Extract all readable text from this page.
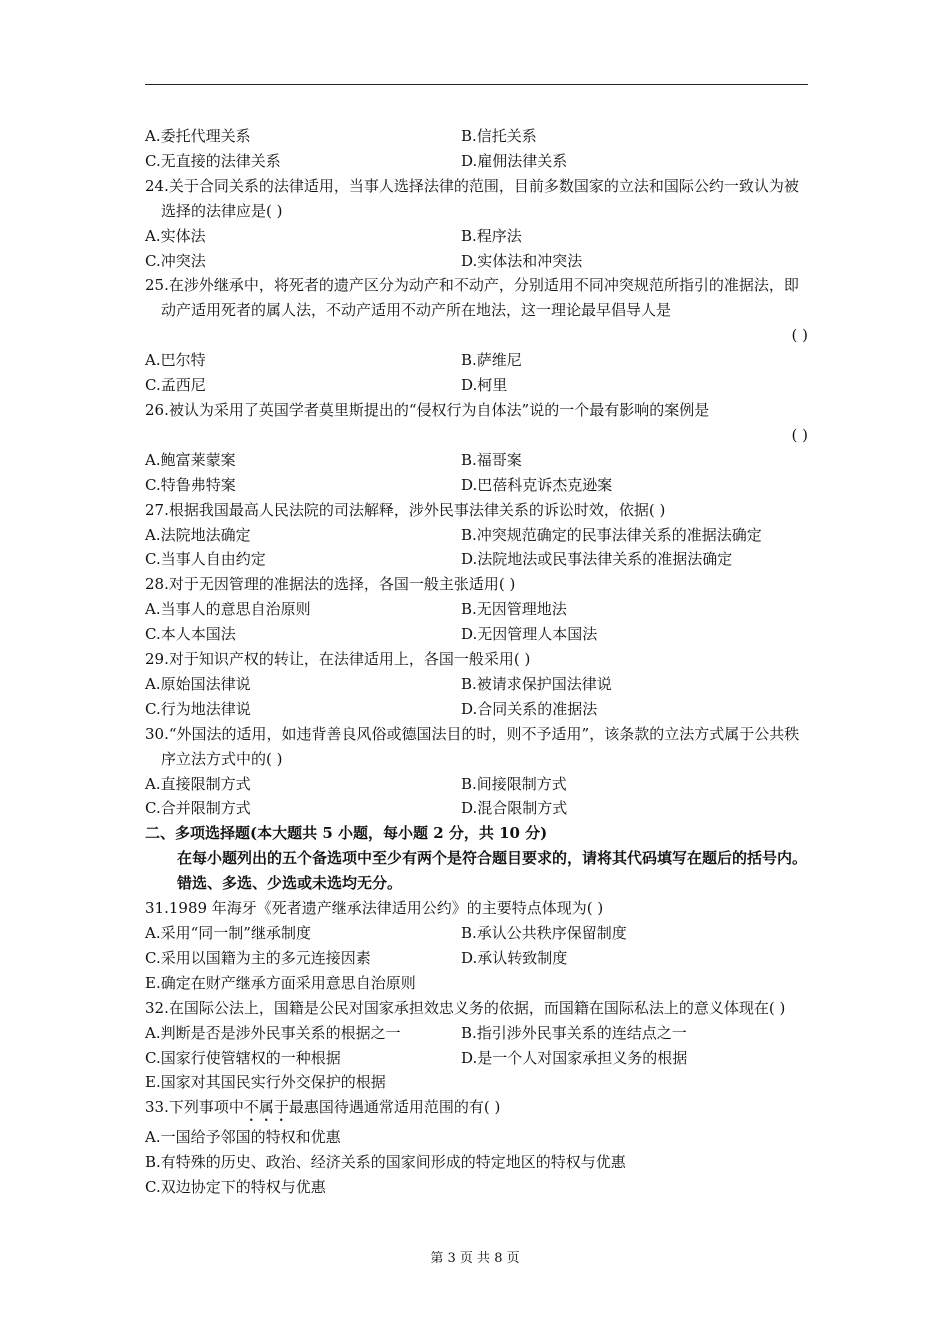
A.委托代理关系	B.信托关系
C.无直接的法律关系	D.雇佣法律关系
24.关于合同关系的法律适用，当事人选择法律的范围，目前多数国家的立法和国际公约一致认为被选择的法律应是( )
A.实体法	B.程序法
C.冲突法	D.实体法和冲突法
25.在涉外继承中，将死者的遗产区分为动产和不动产，分别适用不同冲突规范所指引的准据法，即动产适用死者的属人法，不动产适用不动产所在地法，这一理论最早倡导人是
( )
A.巴尔特	B.萨维尼
C.孟西尼	D.柯里
26.被认为采用了英国学者莫里斯提出的“侵权行为自体法”说的一个最有影响的案例是
( )
A.鲍富莱蒙案	B.福哥案
C.特鲁弗特案	D.巴蓓科克诉杰克逊案
27.根据我国最高人民法院的司法解释，涉外民事法律关系的诉讼时效，依据( )
A.法院地法确定	B.冲突规范确定的民事法律关系的准据法确定
C.当事人自由约定	D.法院地法或民事法律关系的准据法确定
28.对于无因管理的准据法的选择，各国一般主张适用( )
A.当事人的意思自治原则	B.无因管理地法
C.本人本国法	D.无因管理人本国法
29.对于知识产权的转让，在法律适用上，各国一般采用( )
A.原始国法律说	B.被请求保护国法律说
C.行为地法律说	D.合同关系的准据法
30.“外国法的适用，如违背善良风俗或德国法目的时，则不予适用”，该条款的立法方式属于公共秩序立法方式中的( )
A.直接限制方式	B.间接限制方式
C.合并限制方式	D.混合限制方式
二、多项选择题(本大题共 5 小题，每小题 2 分，共 10 分)
在每小题列出的五个备选项中至少有两个是符合题目要求的，请将其代码填写在题后的括号内。错选、多选、少选或未选均无分。
31.1989 年海牙《死者遗产继承法律适用公约》的主要特点体现为( )
A.采用“同一制”继承制度	B.承认公共秩序保留制度
C.采用以国籍为主的多元连接因素	D.承认转致制度
E.确定在财产继承方面采用意思自治原则
32.在国际公法上，国籍是公民对国家承担效忠义务的依据，而国籍在国际私法上的意义体现在( )
A.判断是否是涉外民事关系的根据之一	B.指引涉外民事关系的连结点之一
C.国家行使管辖权的一种根据	D.是一个人对国家承担义务的根据
E.国家对其国民实行外交保护的根据
33.下列事项中不属于最惠国待遇通常适用范围的有( )
A.一国给予邻国的特权和优惠
B.有特殊的历史、政治、经济关系的国家间形成的特定地区的特权与优惠
C.双边协定下的特权与优惠
第 3 页 共 8 页
